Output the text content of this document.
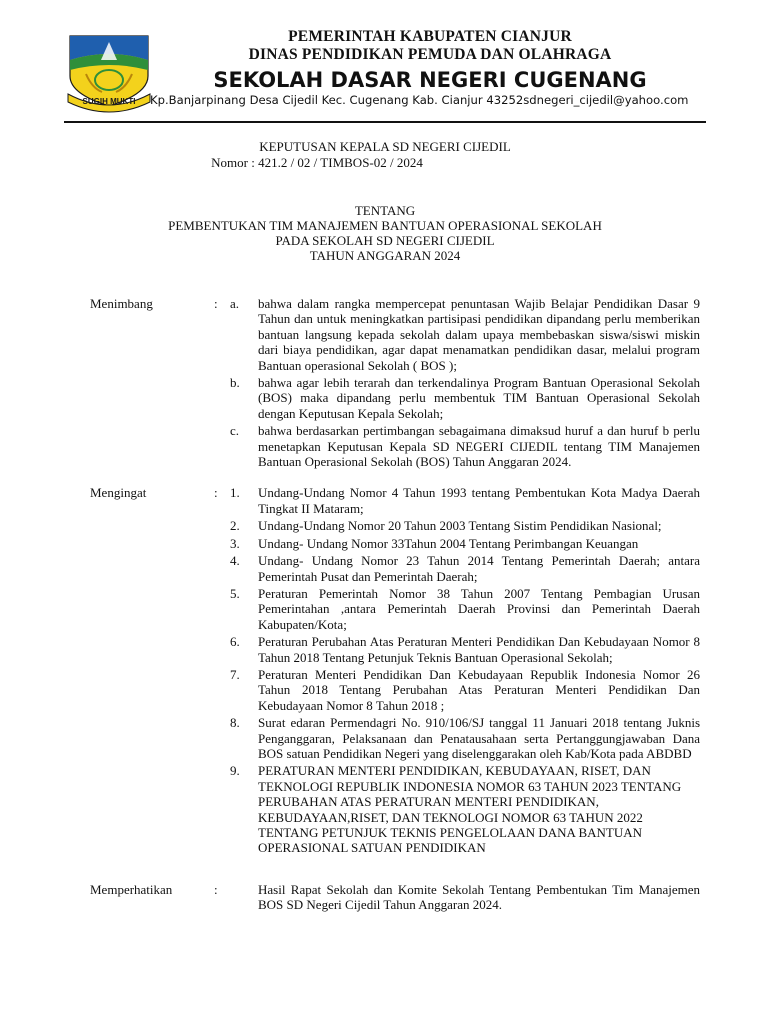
SUGIH MUKTI
PEMERINTAH KABUPATEN CIANJUR
DINAS PENDIDIKAN PEMUDA DAN OLAHRAGA
SEKOLAH DASAR NEGERI CUGENANG
Kp.Banjarpinang Desa Cijedil Kec. Cugenang Kab. Cianjur 43252sdnegeri_cijedil@yahoo.com
KEPUTUSAN KEPALA SD NEGERI CIJEDIL
Nomor : 421.2 / 02 / TIMBOS-02 / 2024
TENTANG
PEMBENTUKAN TIM MANAJEMEN BANTUAN OPERASIONAL SEKOLAH
PADA SEKOLAH SD NEGERI CIJEDIL
TAHUN ANGGARAN 2024
Menimbang	: a. bahwa dalam rangka mempercepat penuntasan Wajib Belajar Pendidikan Dasar 9 Tahun dan untuk meningkatkan partisipasi pendidikan dipandang perlu memberikan bantuan langsung kepada sekolah dalam upaya membebaskan siswa/siswi miskin dari biaya pendidikan, agar dapat menamatkan pendidikan dasar, melalui program Bantuan operasional Sekolah ( BOS );
b. bahwa agar lebih terarah dan terkendalinya Program Bantuan Operasional Sekolah (BOS) maka dipandang perlu membentuk TIM Bantuan Operasional Sekolah dengan Keputusan Kepala Sekolah;
c. bahwa berdasarkan pertimbangan sebagaimana dimaksud huruf a dan huruf b perlu menetapkan Keputusan Kepala SD NEGERI CIJEDIL tentang TIM Manajemen Bantuan Operasional Sekolah (BOS) Tahun Anggaran 2024.
Mengingat	: 1. Undang-Undang Nomor 4 Tahun 1993 tentang Pembentukan Kota Madya Daerah Tingkat II Mataram;
2. Undang-Undang Nomor 20 Tahun 2003 Tentang Sistim Pendidikan Nasional;
3. Undang- Undang Nomor 33Tahun 2004 Tentang Perimbangan Keuangan
4. Undang- Undang Nomor 23 Tahun 2014 Tentang Pemerintah Daerah; antara Pemerintah Pusat dan Pemerintah Daerah;
5. Peraturan Pemerintah Nomor 38 Tahun 2007 Tentang Pembagian Urusan Pemerintahan ,antara Pemerintah Daerah Provinsi dan Pemerintah Daerah Kabupaten/Kota;
6. Peraturan Perubahan Atas Peraturan Menteri Pendidikan Dan Kebudayaan Nomor 8 Tahun 2018 Tentang Petunjuk Teknis Bantuan Operasional Sekolah;
7. Peraturan Menteri Pendidikan Dan Kebudayaan Republik Indonesia Nomor 26 Tahun 2018 Tentang Perubahan Atas Peraturan Menteri Pendidikan Dan Kebudayaan Nomor 8 Tahun 2018 ;
8. Surat edaran Permendagri No. 910/106/SJ tanggal 11 Januari 2018 tentang Juknis Penganggaran, Pelaksanaan dan Penatausahaan serta Pertanggungjawaban Dana BOS satuan Pendidikan Negeri yang diselenggarakan oleh Kab/Kota pada ABDBD
9. PERATURAN MENTERI PENDIDIKAN, KEBUDAYAAN, RISET, DAN TEKNOLOGI REPUBLIK INDONESIA NOMOR 63 TAHUN 2023 TENTANG PERUBAHAN ATAS PERATURAN MENTERI PENDIDIKAN, KEBUDAYAAN,RISET, DAN TEKNOLOGI NOMOR 63 TAHUN 2022 TENTANG PETUNJUK TEKNIS PENGELOLAAN DANA BANTUAN OPERASIONAL SATUAN PENDIDIKAN
Memperhatikan	:	Hasil Rapat Sekolah dan Komite Sekolah Tentang Pembentukan Tim Manajemen BOS SD Negeri Cijedil Tahun Anggaran 2024.
